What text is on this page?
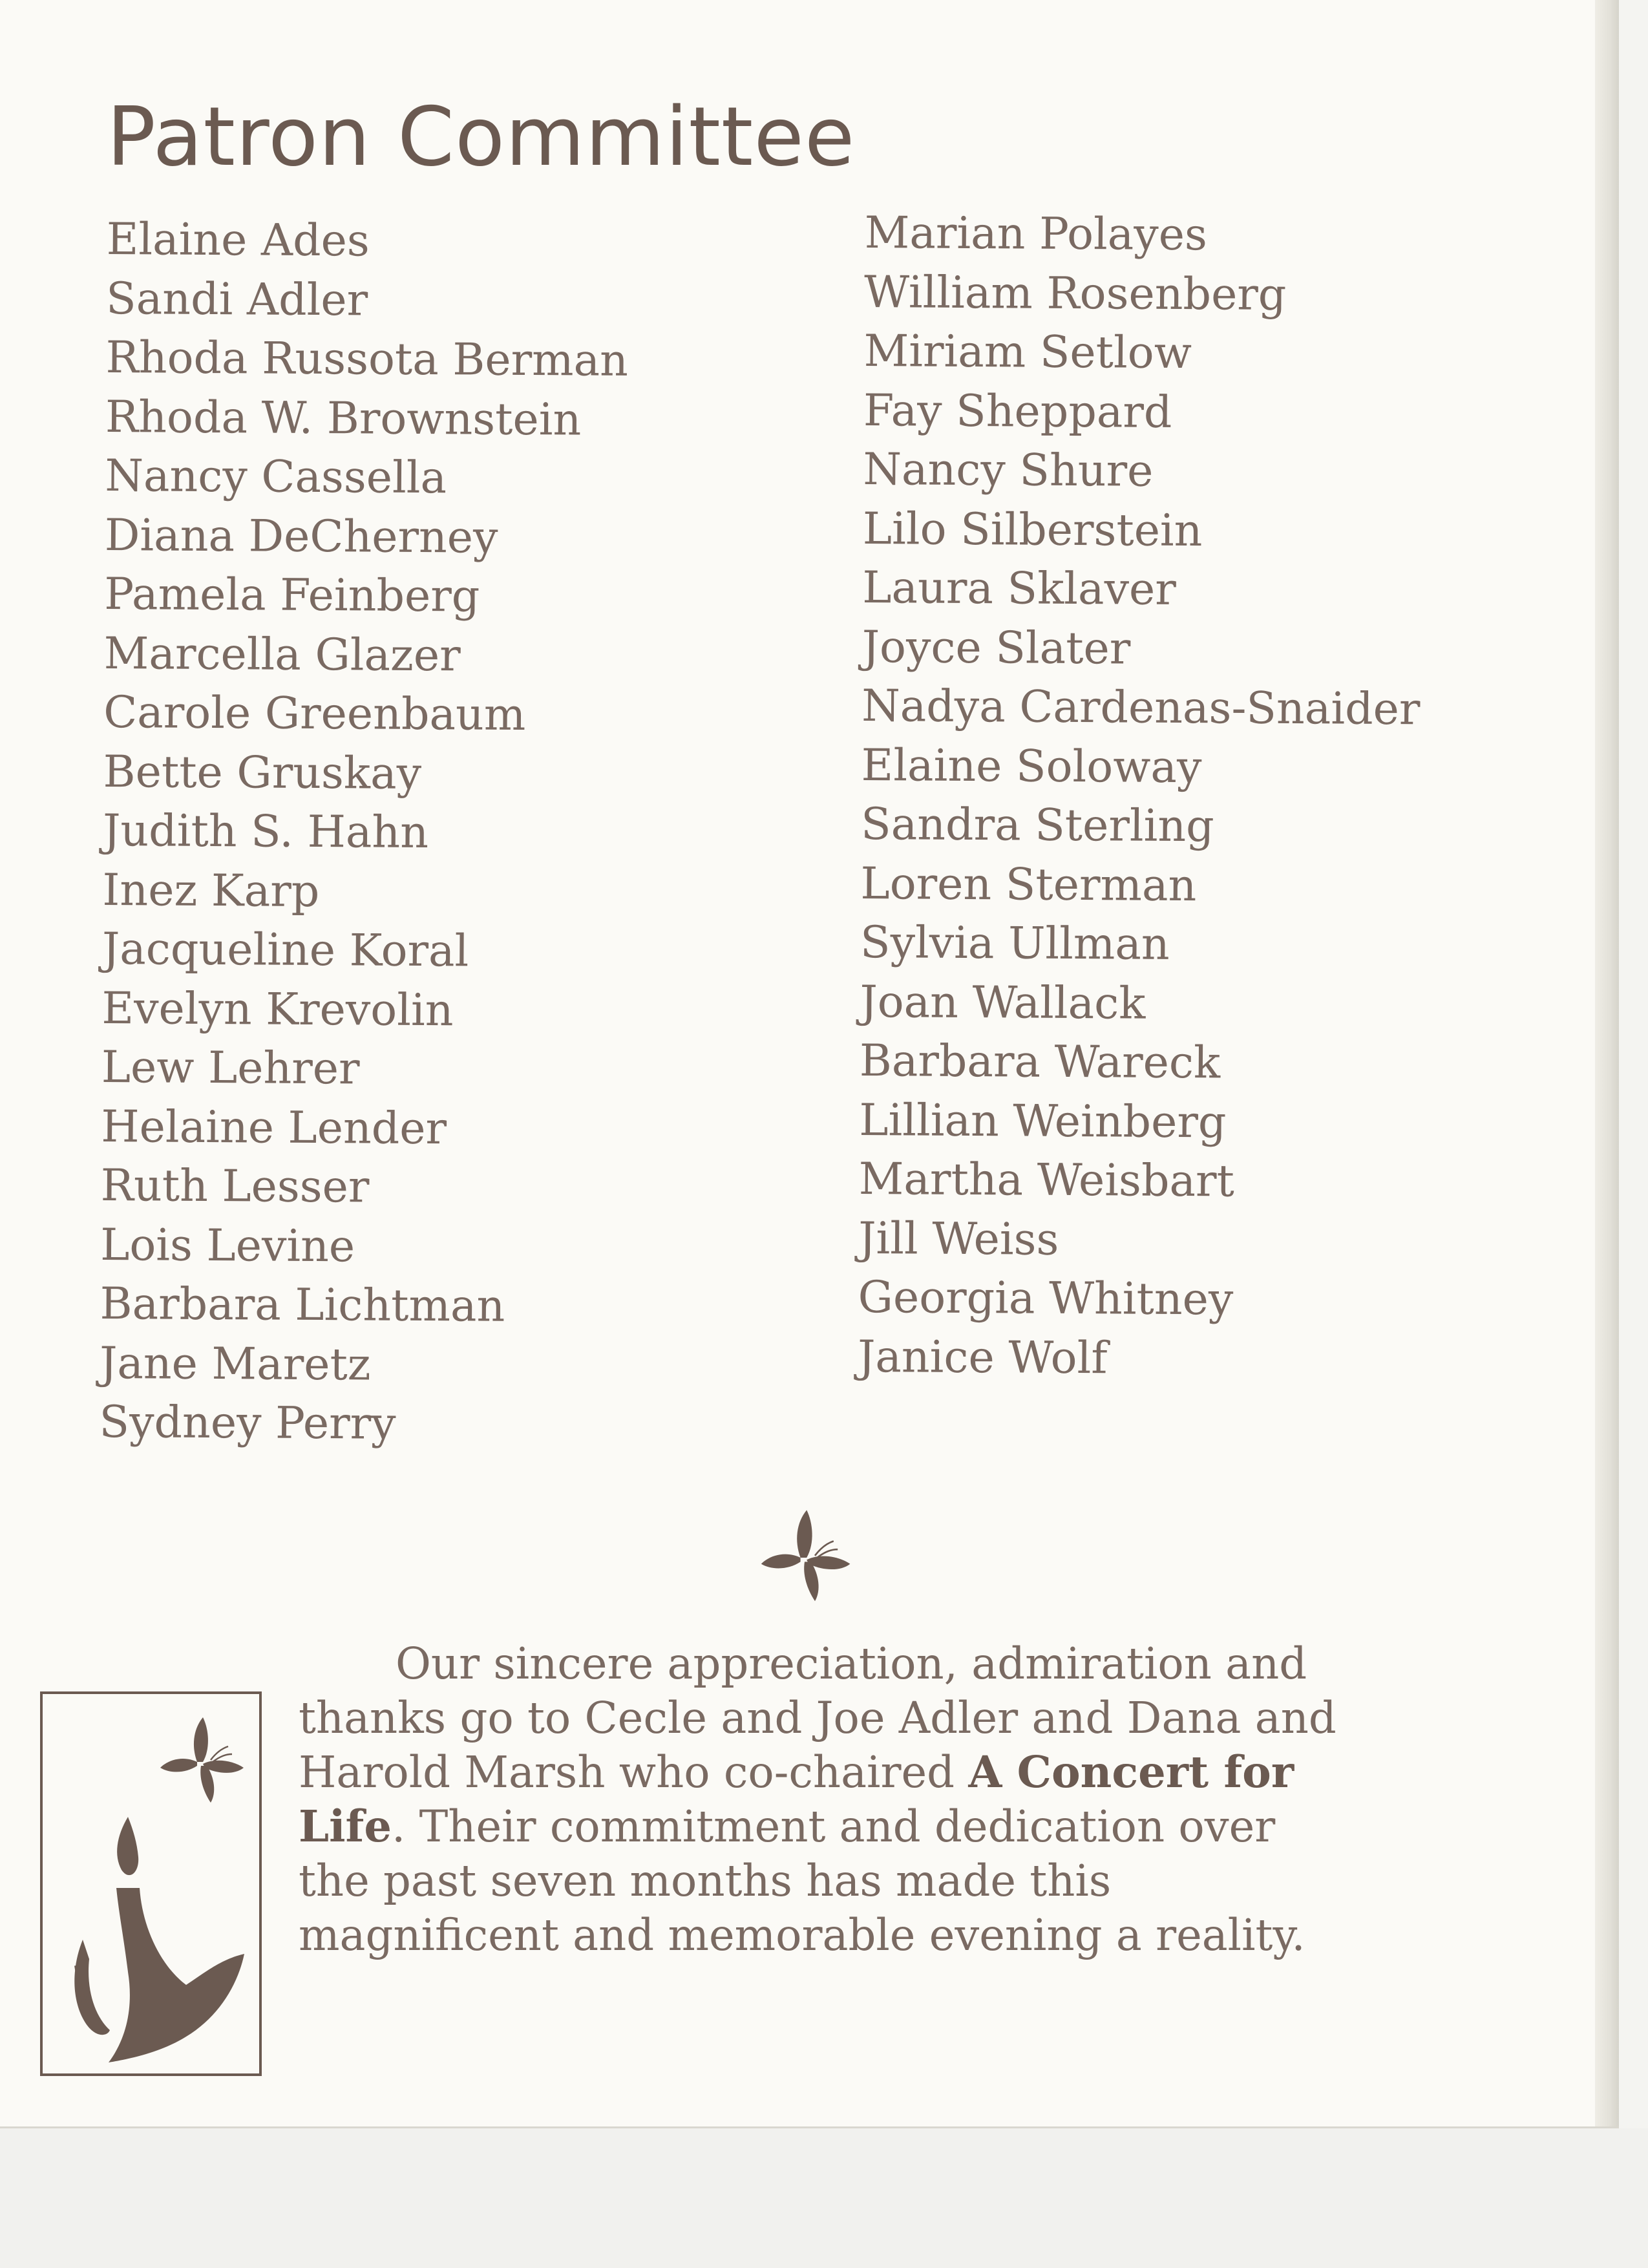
Patron Committee
Elaine Ades
Sandi Adler
Rhoda Russota Berman
Rhoda W. Brownstein
Nancy Cassella
Diana DeCherney
Pamela Feinberg
Marcella Glazer
Carole Greenbaum
Bette Gruskay
Judith S. Hahn
Inez Karp
Jacqueline Koral
Evelyn Krevolin
Lew Lehrer
Helaine Lender
Ruth Lesser
Lois Levine
Barbara Lichtman
Jane Maretz
Sydney Perry
Marian Polayes
William Rosenberg
Miriam Setlow
Fay Sheppard
Nancy Shure
Lilo Silberstein
Laura Sklaver
Joyce Slater
Nadya Cardenas-Snaider
Elaine Soloway
Sandra Sterling
Loren Sterman
Sylvia Ullman
Joan Wallack
Barbara Wareck
Lillian Weinberg
Martha Weisbart
Jill Weiss
Georgia Whitney
Janice Wolf

Our sincere appreciation, admiration and
thanks go to Cecle and Joe Adler and Dana and
Harold Marsh who co-chaired A Concert for
Life. Their commitment and dedication over
the past seven months has made this
magnificent and memorable evening a reality.
